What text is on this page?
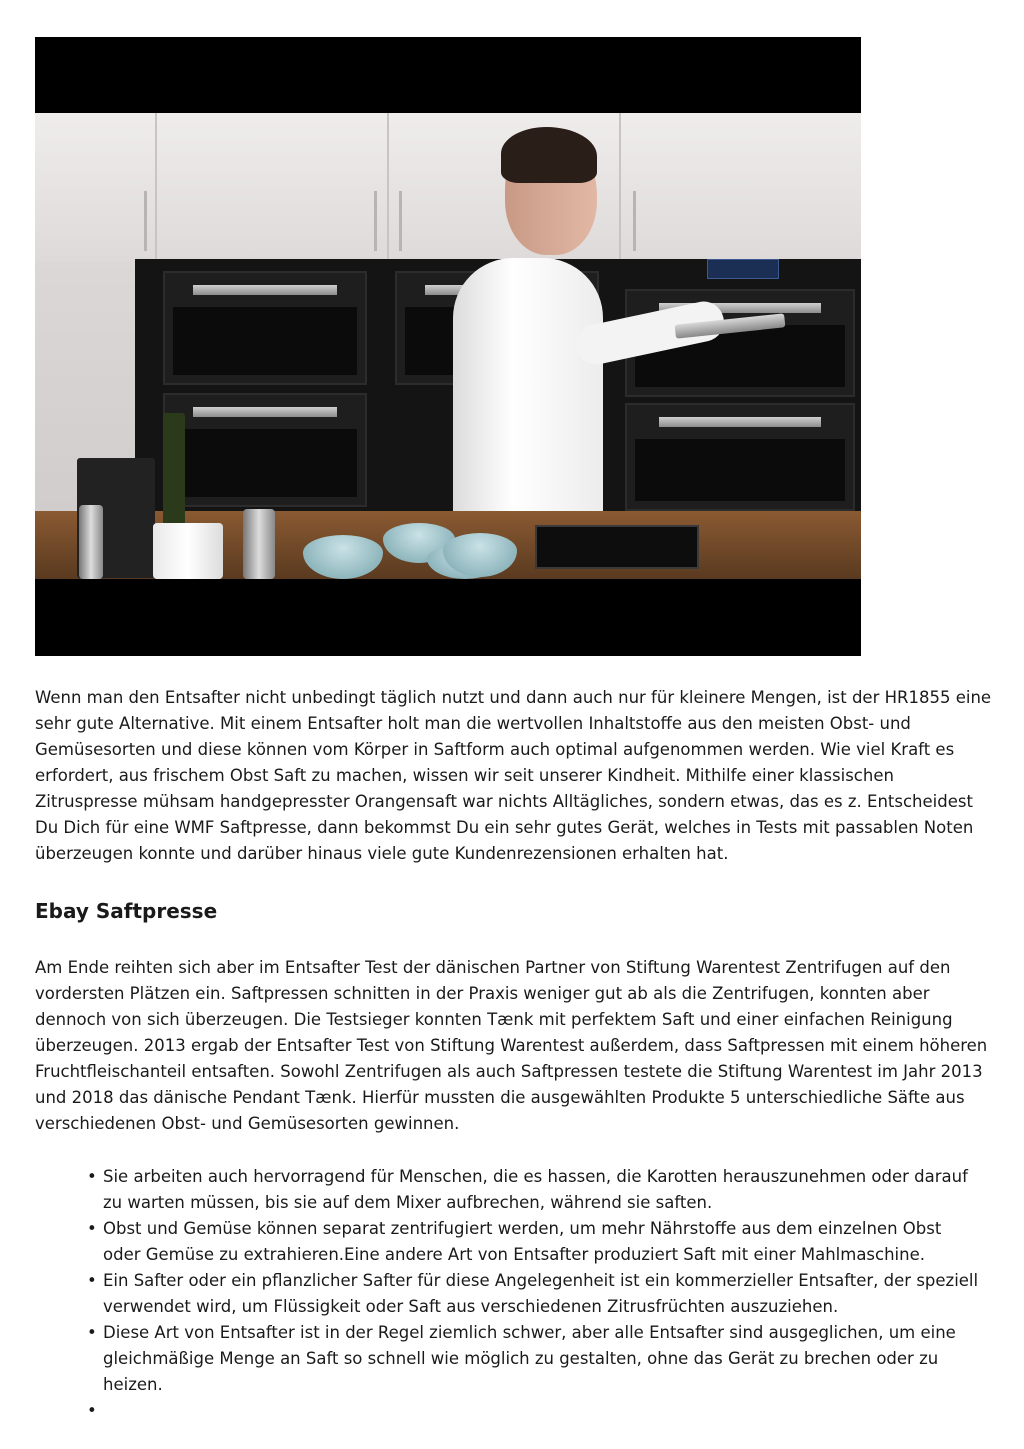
Wenn man den Entsafter nicht unbedingt täglich nutzt und dann auch nur für kleinere Mengen, ist der HR1855 eine sehr gute Alternative. Mit einem Entsafter holt man die wertvollen Inhaltstoffe aus den meisten Obst- und Gemüsesorten und diese können vom Körper in Saftform auch optimal aufgenommen werden. Wie viel Kraft es erfordert, aus frischem Obst Saft zu machen, wissen wir seit unserer Kindheit. Mithilfe einer klassischen Zitruspresse mühsam handgepresster Orangensaft war nichts Alltägliches, sondern etwas, das es z. Entscheidest Du Dich für eine WMF Saftpresse, dann bekommst Du ein sehr gutes Gerät, welches in Tests mit passablen Noten überzeugen konnte und darüber hinaus viele gute Kundenrezensionen erhalten hat.

Ebay Saftpresse

Am Ende reihten sich aber im Entsafter Test der dänischen Partner von Stiftung Warentest Zentrifugen auf den vordersten Plätzen ein. Saftpressen schnitten in der Praxis weniger gut ab als die Zentrifugen, konnten aber dennoch von sich überzeugen. Die Testsieger konnten Tænk mit perfektem Saft und einer einfachen Reinigung überzeugen. 2013 ergab der Entsafter Test von Stiftung Warentest außerdem, dass Saftpressen mit einem höheren Fruchtfleischanteil entsaften. Sowohl Zentrifugen als auch Saftpressen testete die Stiftung Warentest im Jahr 2013 und 2018 das dänische Pendant Tænk. Hierfür mussten die ausgewählten Produkte 5 unterschiedliche Säfte aus verschiedenen Obst- und Gemüsesorten gewinnen.

• Sie arbeiten auch hervorragend für Menschen, die es hassen, die Karotten herauszunehmen oder darauf zu warten müssen, bis sie auf dem Mixer aufbrechen, während sie saften.
• Obst und Gemüse können separat zentrifugiert werden, um mehr Nährstoffe aus dem einzelnen Obst oder Gemüse zu extrahieren.Eine andere Art von Entsafter produziert Saft mit einer Mahlmaschine.
• Ein Safter oder ein pflanzlicher Safter für diese Angelegenheit ist ein kommerzieller Entsafter, der speziell verwendet wird, um Flüssigkeit oder Saft aus verschiedenen Zitrusfrüchten auszuziehen.
• Diese Art von Entsafter ist in der Regel ziemlich schwer, aber alle Entsafter sind ausgeglichen, um eine gleichmäßige Menge an Saft so schnell wie möglich zu gestalten, ohne das Gerät zu brechen oder zu heizen.
•
